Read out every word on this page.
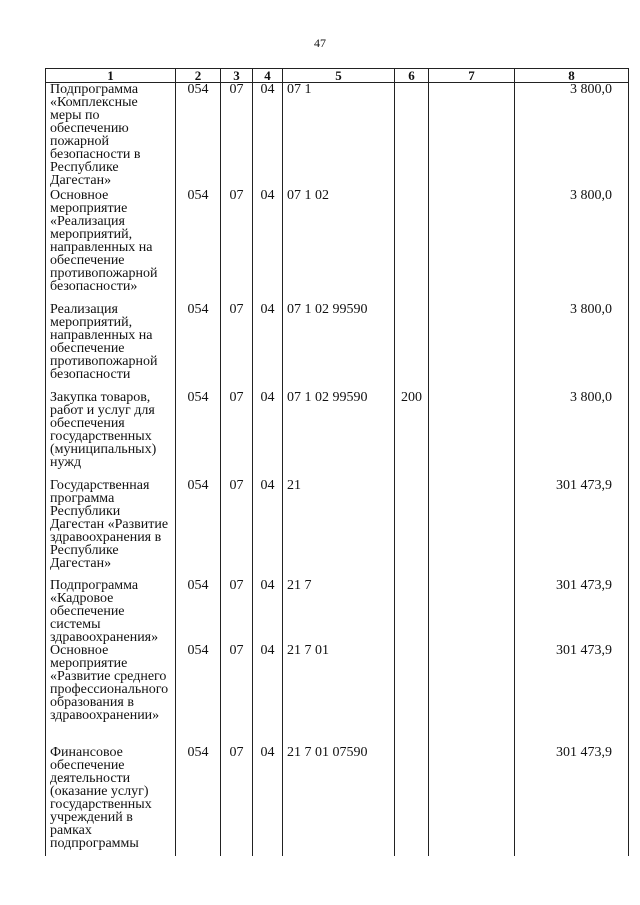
47
1	2	3	4	5	6	7	8
Подпрограмма «Комплексные меры по обеспечению пожарной безопасности в Республике Дагестан»	054	07	04	07 1			3 800,0
Основное мероприятие «Реализация мероприятий, направленных на обеспечение противопожарной безопасности»	054	07	04	07 1 02			3 800,0
Реализация мероприятий, направленных на обеспечение противопожарной безопасности	054	07	04	07 1 02 99590			3 800,0
Закупка товаров, работ и услуг для обеспечения государственных (муниципальных) нужд	054	07	04	07 1 02 99590	200		3 800,0
Государственная программа Республики Дагестан «Развитие здравоохранения в Республике Дагестан»	054	07	04	21			301 473,9
Подпрограмма «Кадровое обеспечение системы здравоохранения»	054	07	04	21 7			301 473,9
Основное мероприятие «Развитие среднего профессионального образования в здравоохранении»	054	07	04	21 7 01			301 473,9
Финансовое обеспечение деятельности (оказание услуг) государственных учреждений в рамках подпрограммы	054	07	04	21 7 01 07590			301 473,9
